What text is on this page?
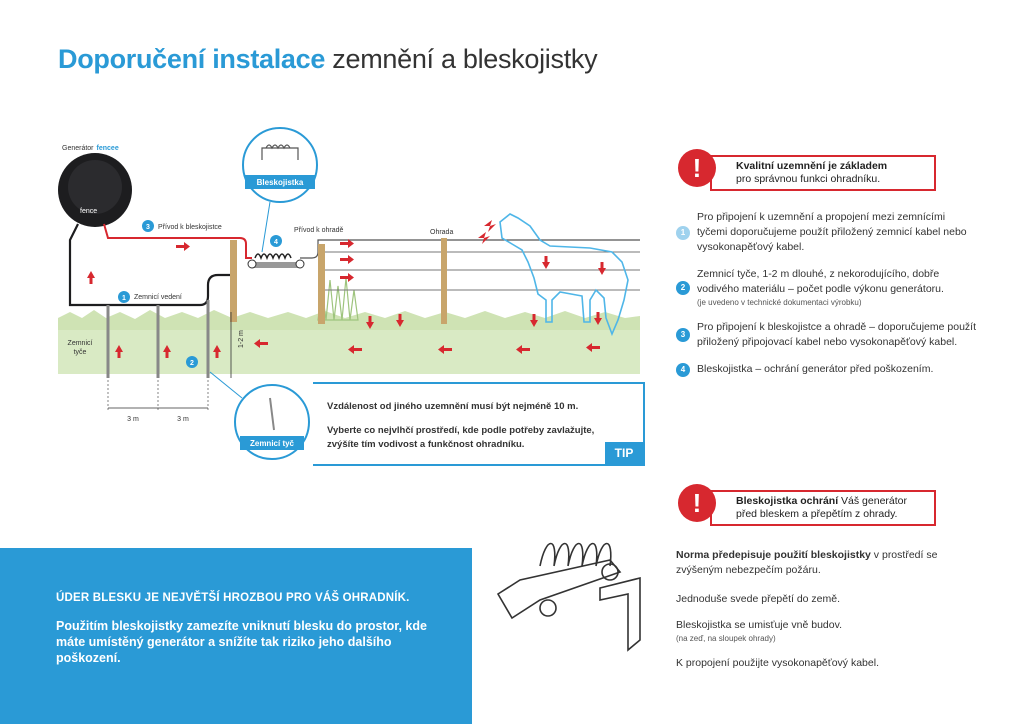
Doporučení instalace zemnění a bleskojistky
fence
Generátor fencee
Bleskojistka
1-2 m
3 m	3 m
Zemnicí
tyče
1 Zemnicí vedení
2
3 Přívod k bleskojistce
4
Přívod k ohradě	Ohrada
Zemnicí tyč
Vzdálenost od jiného uzemnění musí být nejméně 10 m.
Vyberte co nejvlhčí prostředí, kde podle potřeby zavlažujte, zvýšíte tím vodivost a funkčnost ohradníku.
TIP
Kvalitní uzemnění je základem
pro správnou funkci ohradníku.
!
1
Pro připojení k uzemnění a propojení mezi zemnícími tyčemi doporučujeme použít přiložený zemnicí kabel nebo vysokonapěťový kabel.
2
Zemnicí tyče, 1-2 m dlouhé, z nekorodujícího, dobře vodivého materiálu – počet podle výkonu generátoru.
(je uvedeno v technické dokumentaci výrobku)
3
Pro připojení k bleskojistce a ohradě – doporučujeme použít přiložený připojovací kabel nebo vysokonapěťový kabel.
4	Bleskojistka – ochrání generátor před poškozením.
ÚDER BLESKU JE NEJVĚTŠÍ HROZBOU PRO VÁŠ OHRADNÍK.
Použitím bleskojistky zamezíte vniknutí blesku do prostor, kde máte umístěný generátor a snížíte tak riziko jeho dalšího poškození.
Bleskojistka ochrání Váš generátor před bleskem a přepětím z ohrady.
!
Norma předepisuje použití bleskojistky v prostředí se zvýšeným nebezpečím požáru.
Jednoduše svede přepětí do země.
Bleskojistka se umisťuje vně budov.
(na zeď, na sloupek ohrady)
K propojení použijte vysokonapěťový kabel.
